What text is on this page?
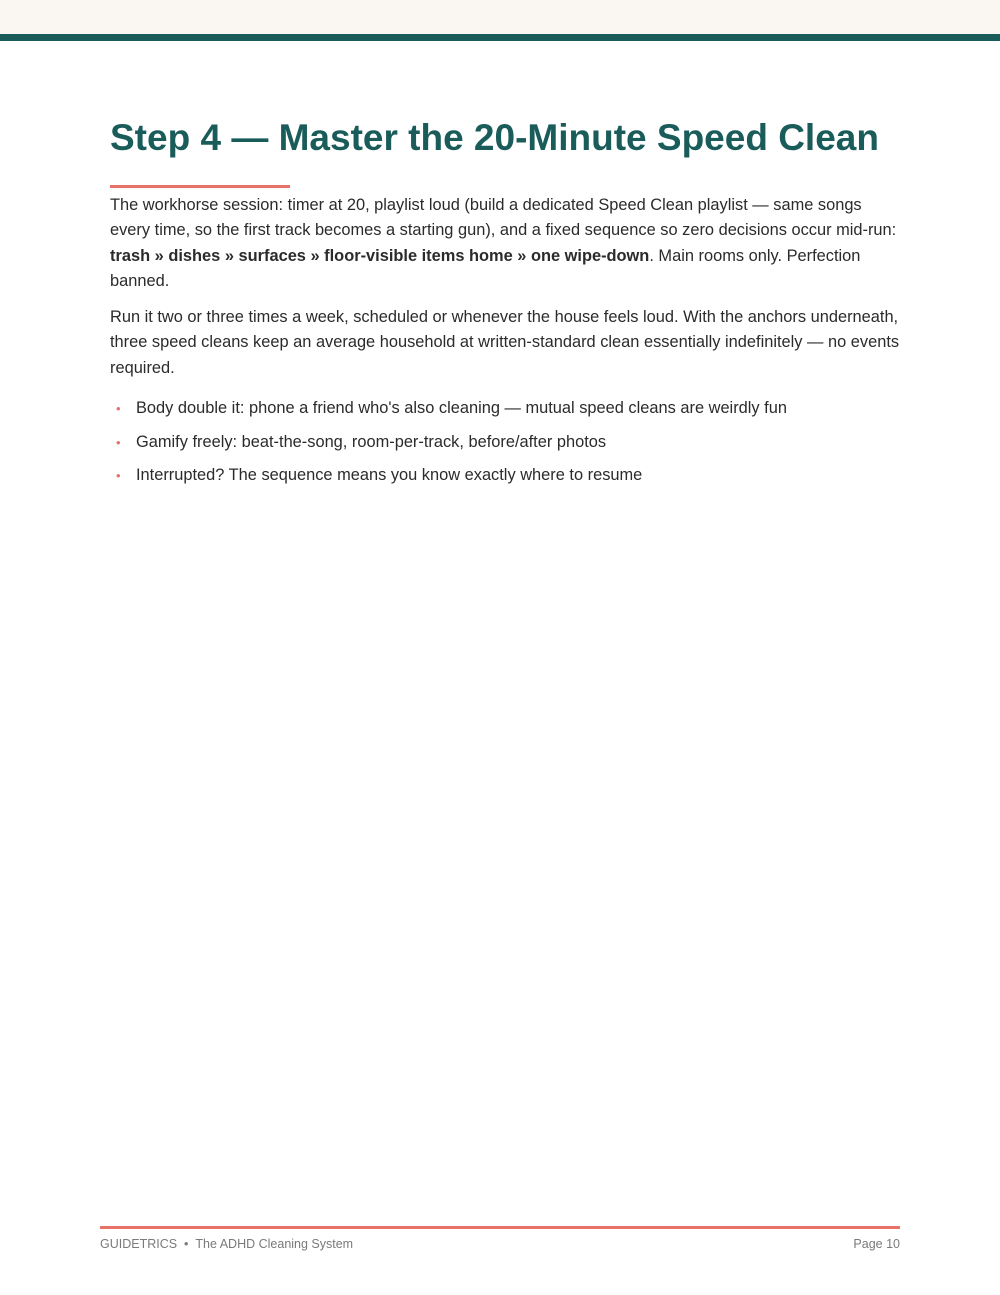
Step 4 — Master the 20-Minute Speed Clean

The workhorse session: timer at 20, playlist loud (build a dedicated Speed Clean playlist — same songs every time, so the first track becomes a starting gun), and a fixed sequence so zero decisions occur mid-run: trash » dishes » surfaces » floor-visible items home » one wipe-down. Main rooms only. Perfection banned.

Run it two or three times a week, scheduled or whenever the house feels loud. With the anchors underneath, three speed cleans keep an average household at written-standard clean essentially indefinitely — no events required.

• Body double it: phone a friend who's also cleaning — mutual speed cleans are weirdly fun
• Gamify freely: beat-the-song, room-per-track, before/after photos
• Interrupted? The sequence means you know exactly where to resume
GUIDETRICS • The ADHD Cleaning System	Page 10
